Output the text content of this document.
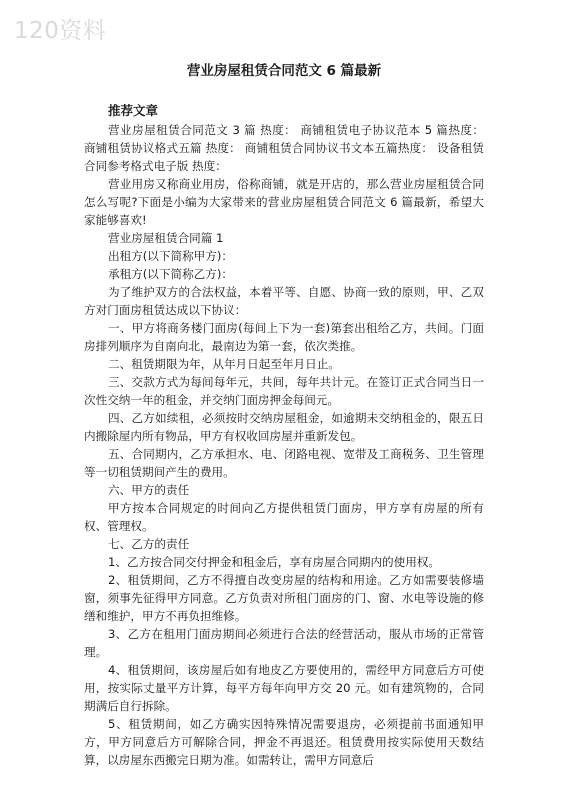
120资料
营业房屋租赁合同范文 6 篇最新
推荐文章

营业房屋租赁合同范文 3 篇 热度： 商铺租赁电子协议范本 5 篇热度： 商铺租赁协议格式五篇 热度： 商铺租赁合同协议书文本五篇热度： 设备租赁合同参考格式电子版 热度：

营业用房又称商业用房，俗称商铺，就是开店的，那么营业房屋租赁合同怎么写呢?下面是小编为大家带来的营业房屋租赁合同范文 6 篇最新，希望大家能够喜欢!

营业房屋租赁合同篇 1

出租方(以下简称甲方)：

承租方(以下简称乙方)：

为了维护双方的合法权益，本着平等、自愿、协商一致的原则，甲、乙双方对门面房租赁达成以下协议：

一、甲方将商务楼门面房(每间上下为一套)第套出租给乙方，共间。门面房排列顺序为自南向北，最南边为第一套，依次类推。

二、租赁期限为年，从年月日起至年月日止。

三、交款方式为每间每年元，共间，每年共计元。在签订正式合同当日一次性交纳一年的租金，并交纳门面房押金每间元。

四、乙方如续租，必须按时交纳房屋租金，如逾期未交纳租金的，限五日内搬除屋内所有物品，甲方有权收回房屋并重新发包。

五、合同期内，乙方承担水、电、闭路电视、宽带及工商税务、卫生管理等一切租赁期间产生的费用。

六、甲方的责任

甲方按本合同规定的时间向乙方提供租赁门面房，甲方享有房屋的所有权、管理权。

七、乙方的责任

1、乙方按合同交付押金和租金后，享有房屋合同期内的使用权。

2、租赁期间，乙方不得擅自改变房屋的结构和用途。乙方如需要装修墙窗，须事先征得甲方同意。乙方负责对所租门面房的门、窗、水电等设施的修缮和维护，甲方不再负担维修。

3、乙方在租用门面房期间必须进行合法的经营活动，服从市场的正常管理。

4、租赁期间，该房屋后如有地皮乙方要使用的，需经甲方同意后方可使用，按实际丈量平方计算，每平方每年向甲方交 20 元。如有建筑物的，合同期满后自行拆除。

5、租赁期间，如乙方确实因特殊情况需要退房，必须提前书面通知甲方，甲方同意后方可解除合同，押金不再退还。租赁费用按实际使用天数结算，以房屋东西搬完日期为准。如需转让，需甲方同意后
